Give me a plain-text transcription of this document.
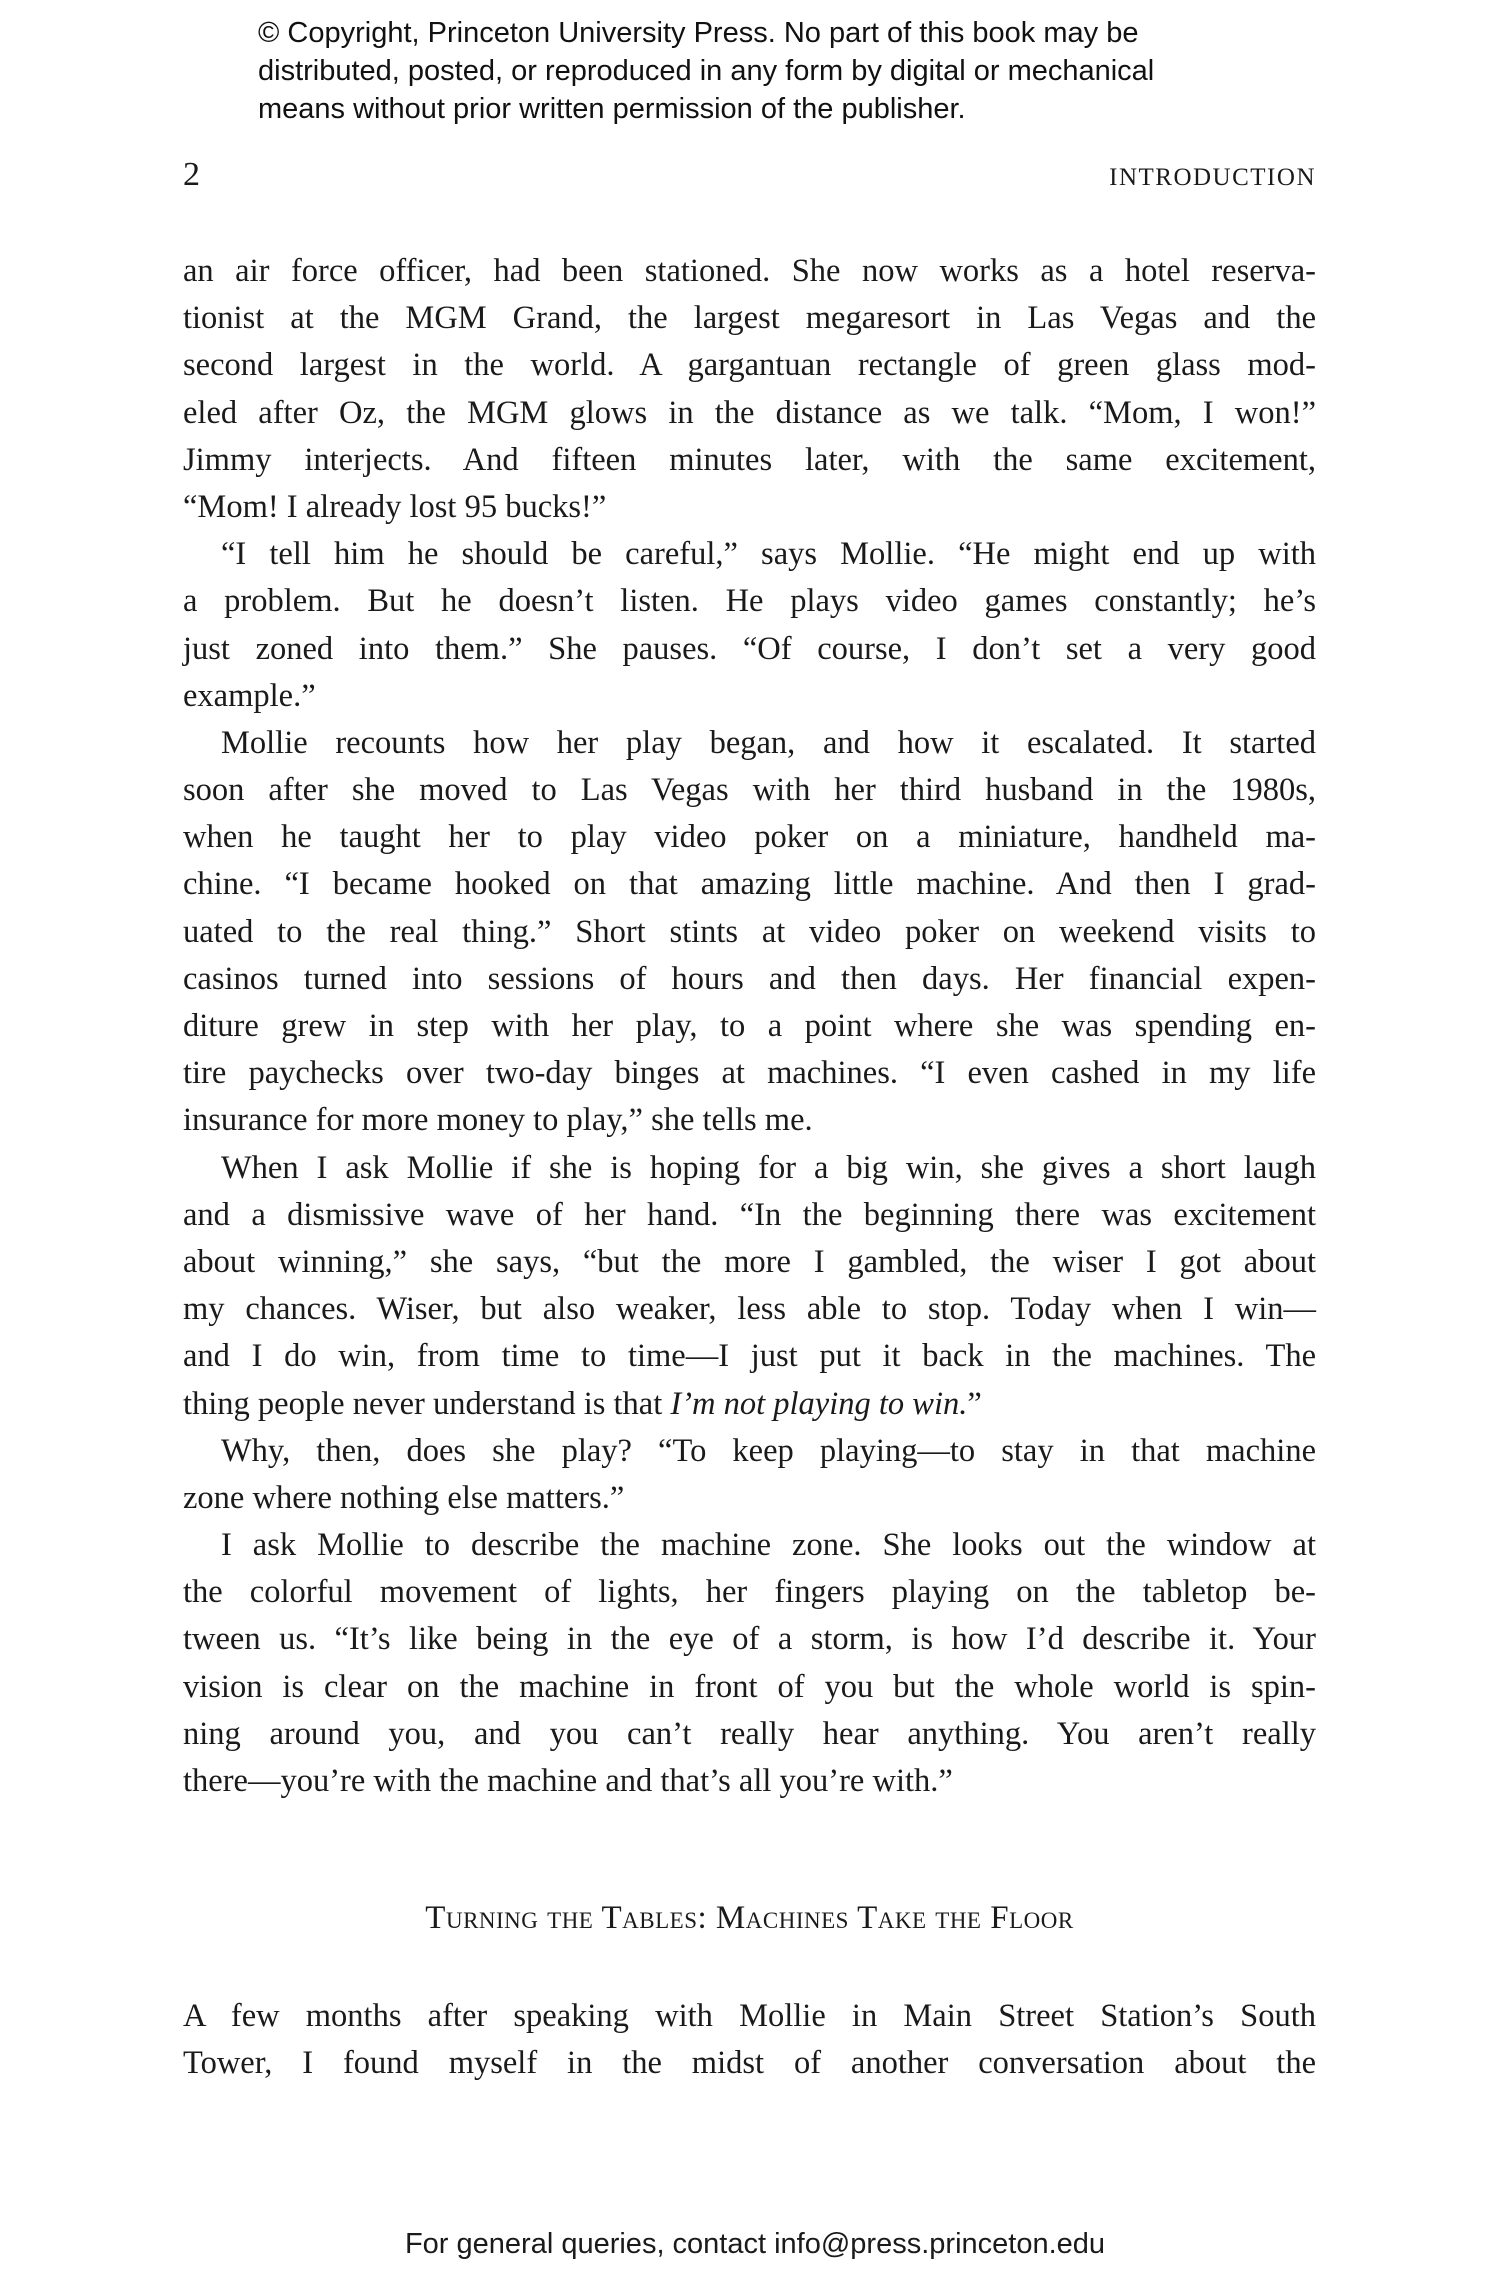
© Copyright, Princeton University Press. No part of this book may be
distributed, posted, or reproduced in any form by digital or mechanical
means without prior written permission of the publisher.
2	INTRODUCTION
an air force officer, had been stationed. She now works as a hotel reserva-
tionist at the MGM Grand, the largest megaresort in Las Vegas and the
second largest in the world. A gargantuan rectangle of green glass mod-
eled after Oz, the MGM glows in the distance as we talk. “Mom, I won!”
Jimmy interjects. And fifteen minutes later, with the same excitement,
“Mom! I already lost 95 bucks!”
“I tell him he should be careful,” says Mollie. “He might end up with
a problem. But he doesn’t listen. He plays video games constantly; he’s
just zoned into them.” She pauses. “Of course, I don’t set a very good
example.”
Mollie recounts how her play began, and how it escalated. It started
soon after she moved to Las Vegas with her third husband in the 1980s,
when he taught her to play video poker on a miniature, handheld ma-
chine. “I became hooked on that amazing little machine. And then I grad-
uated to the real thing.” Short stints at video poker on weekend visits to
casinos turned into sessions of hours and then days. Her financial expen-
diture grew in step with her play, to a point where she was spending en-
tire paychecks over two-day binges at machines. “I even cashed in my life
insurance for more money to play,” she tells me.
When I ask Mollie if she is hoping for a big win, she gives a short laugh
and a dismissive wave of her hand. “In the beginning there was excitement
about winning,” she says, “but the more I gambled, the wiser I got about
my chances. Wiser, but also weaker, less able to stop. Today when I win—
and I do win, from time to time—I just put it back in the machines. The
thing people never understand is that I’m not playing to win.”
Why, then, does she play? “To keep playing—to stay in that machine
zone where nothing else matters.”
I ask Mollie to describe the machine zone. She looks out the window at
the colorful movement of lights, her fingers playing on the tabletop be-
tween us. “It’s like being in the eye of a storm, is how I’d describe it. Your
vision is clear on the machine in front of you but the whole world is spin-
ning around you, and you can’t really hear anything. You aren’t really
there—you’re with the machine and that’s all you’re with.”
Turning the Tables: Machines Take the Floor
A few months after speaking with Mollie in Main Street Station’s South
Tower, I found myself in the midst of another conversation about the
For general queries, contact info@press.princeton.edu
